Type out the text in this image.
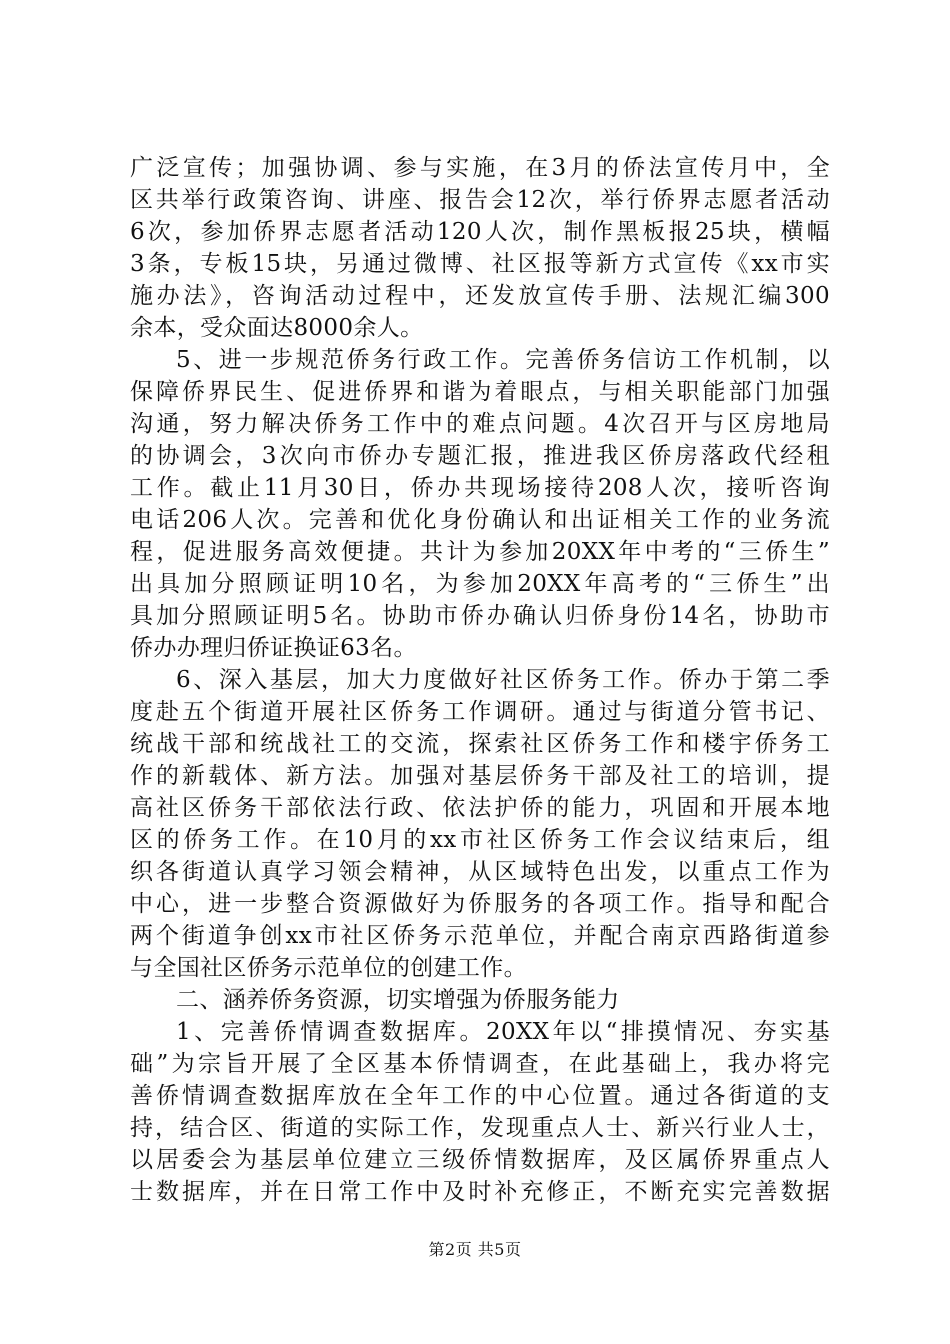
广泛宣传；加强协调、参与实施，在3月的侨法宣传月中，全
区共举行政策咨询、讲座、报告会12次，举行侨界志愿者活动
6次，参加侨界志愿者活动120人次，制作黑板报25块，横幅
3条，专板15块，另通过微博、社区报等新方式宣传《xx市实
施办法》，咨询活动过程中，还发放宣传手册、法规汇编300
余本，受众面达8000余人。
5、进一步规范侨务行政工作。完善侨务信访工作机制，以
保障侨界民生、促进侨界和谐为着眼点，与相关职能部门加强
沟通，努力解决侨务工作中的难点问题。4次召开与区房地局
的协调会，3次向市侨办专题汇报，推进我区侨房落政代经租
工作。截止11月30日，侨办共现场接待208人次，接听咨询
电话206人次。完善和优化身份确认和出证相关工作的业务流
程，促进服务高效便捷。共计为参加20XX年中考的“三侨生”
出具加分照顾证明10名，为参加20XX年高考的“三侨生”出
具加分照顾证明5名。协助市侨办确认归侨身份14名，协助市
侨办办理归侨证换证63名。
6、深入基层，加大力度做好社区侨务工作。侨办于第二季
度赴五个街道开展社区侨务工作调研。通过与街道分管书记、
统战干部和统战社工的交流，探索社区侨务工作和楼宇侨务工
作的新载体、新方法。加强对基层侨务干部及社工的培训，提
高社区侨务干部依法行政、依法护侨的能力，巩固和开展本地
区的侨务工作。在10月的xx市社区侨务工作会议结束后，组
织各街道认真学习领会精神，从区域特色出发，以重点工作为
中心，进一步整合资源做好为侨服务的各项工作。指导和配合
两个街道争创xx市社区侨务示范单位，并配合南京西路街道参
与全国社区侨务示范单位的创建工作。
二、涵养侨务资源，切实增强为侨服务能力
1、完善侨情调查数据库。20XX年以“排摸情况、夯实基
础”为宗旨开展了全区基本侨情调查，在此基础上，我办将完
善侨情调查数据库放在全年工作的中心位置。通过各街道的支
持，结合区、街道的实际工作，发现重点人士、新兴行业人士，
以居委会为基层单位建立三级侨情数据库，及区属侨界重点人
士数据库，并在日常工作中及时补充修正，不断充实完善数据
第2页 共5页
